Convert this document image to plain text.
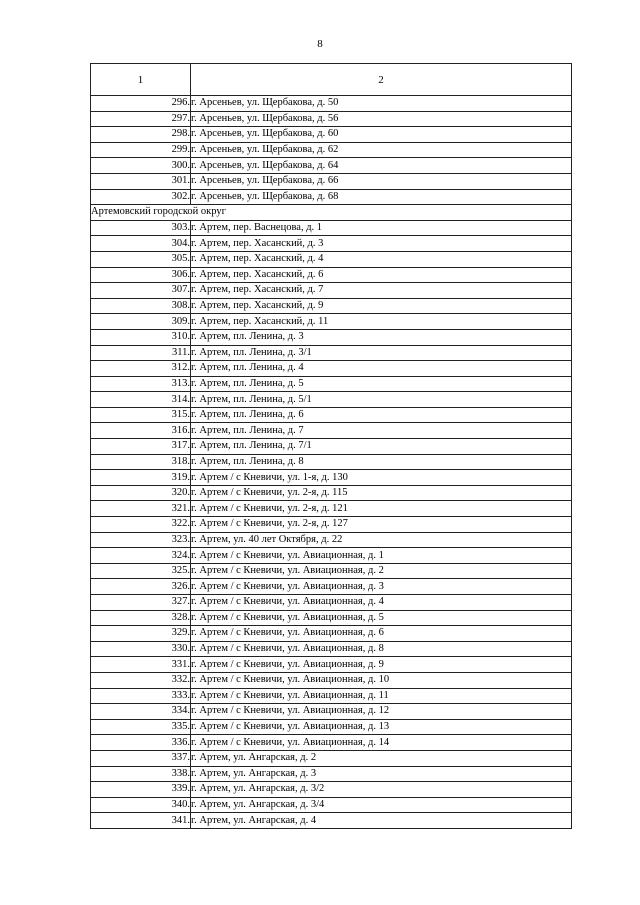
8
1	2
296.	г. Арсеньев, ул. Щербакова, д. 50
297.	г. Арсеньев, ул. Щербакова, д. 56
298.	г. Арсеньев, ул. Щербакова, д. 60
299.	г. Арсеньев, ул. Щербакова, д. 62
300.	г. Арсеньев, ул. Щербакова, д. 64
301.	г. Арсеньев, ул. Щербакова, д. 66
302.	г. Арсеньев, ул. Щербакова, д. 68
Артемовский городской округ	
303.	г. Артем, пер. Васнецова, д. 1
304.	г. Артем, пер. Хасанский, д. 3
305.	г. Артем, пер. Хасанский, д. 4
306.	г. Артем, пер. Хасанский, д. 6
307.	г. Артем, пер. Хасанский, д. 7
308.	г. Артем, пер. Хасанский, д. 9
309.	г. Артем, пер. Хасанский, д. 11
310.	г. Артем, пл. Ленина, д. 3
311.	г. Артем, пл. Ленина, д. 3/1
312.	г. Артем, пл. Ленина, д. 4
313.	г. Артем, пл. Ленина, д. 5
314.	г. Артем, пл. Ленина, д. 5/1
315.	г. Артем, пл. Ленина, д. 6
316.	г. Артем, пл. Ленина, д. 7
317.	г. Артем, пл. Ленина, д. 7/1
318.	г. Артем, пл. Ленина, д. 8
319.	г. Артем / с Кневичи, ул. 1-я, д. 130
320.	г. Артем / с Кневичи, ул. 2-я, д. 115
321.	г. Артем / с Кневичи, ул. 2-я, д. 121
322.	г. Артем / с Кневичи, ул. 2-я, д. 127
323.	г. Артем, ул. 40 лет Октября, д. 22
324.	г. Артем / с Кневичи, ул. Авиационная, д. 1
325.	г. Артем / с Кневичи, ул. Авиационная, д. 2
326.	г. Артем / с Кневичи, ул. Авиационная, д. 3
327.	г. Артем / с Кневичи, ул. Авиационная, д. 4
328.	г. Артем / с Кневичи, ул. Авиационная, д. 5
329.	г. Артем / с Кневичи, ул. Авиационная, д. 6
330.	г. Артем / с Кневичи, ул. Авиационная, д. 8
331.	г. Артем / с Кневичи, ул. Авиационная, д. 9
332.	г. Артем / с Кневичи, ул. Авиационная, д. 10
333.	г. Артем / с Кневичи, ул. Авиационная, д. 11
334.	г. Артем / с Кневичи, ул. Авиационная, д. 12
335.	г. Артем / с Кневичи, ул. Авиационная, д. 13
336.	г. Артем / с Кневичи, ул. Авиационная, д. 14
337.	г. Артем, ул. Ангарская, д. 2
338.	г. Артем, ул. Ангарская, д. 3
339.	г. Артем, ул. Ангарская, д. 3/2
340.	г. Артем, ул. Ангарская, д. 3/4
341.	г. Артем, ул. Ангарская, д. 4
